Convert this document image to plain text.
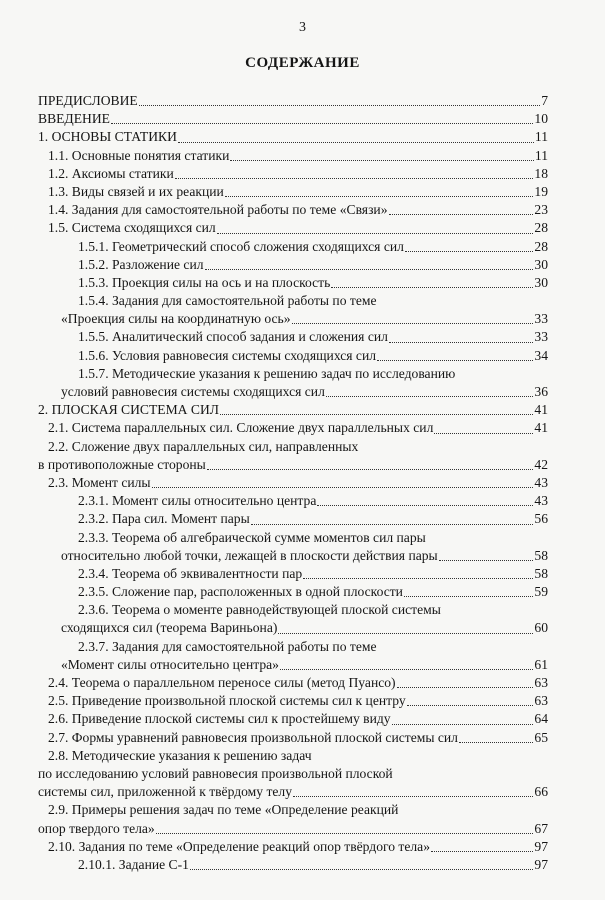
3
СОДЕРЖАНИЕ
ПРЕДИСЛОВИЕ	7
ВВЕДЕНИЕ	10
1. ОСНОВЫ СТАТИКИ	11
1.1. Основные понятия статики	11
1.2. Аксиомы статики	18
1.3. Виды связей и их реакции	19
1.4. Задания для самостоятельной работы по теме «Связи»	23
1.5. Система сходящихся сил	28
1.5.1. Геометрический способ сложения сходящихся сил	28
1.5.2. Разложение сил	30
1.5.3. Проекция силы на ось и на плоскость	30
1.5.4. Задания для самостоятельной работы по теме
«Проекция силы на координатную ось»	33
1.5.5. Аналитический способ задания и сложения сил	33
1.5.6. Условия равновесия системы сходящихся сил	34
1.5.7. Методические указания к решению задач по исследованию
условий равновесия системы сходящихся сил	36
2. ПЛОСКАЯ СИСТЕМА СИЛ	41
2.1. Система параллельных сил. Сложение двух параллельных сил	41
2.2. Сложение двух параллельных сил, направленных
в противоположные стороны	42
2.3. Момент силы	43
2.3.1. Момент силы относительно центра	43
2.3.2. Пара сил. Момент пары	56
2.3.3. Теорема об алгебраической сумме моментов сил пары
относительно любой точки, лежащей в плоскости действия пары	58
2.3.4. Теорема об эквивалентности пар	58
2.3.5. Сложение пар, расположенных в одной плоскости	59
2.3.6. Теорема о моменте равнодействующей плоской системы
сходящихся сил (теорема Вариньона)	60
2.3.7. Задания для самостоятельной работы по теме
«Момент силы относительно центра»	61
2.4. Теорема о параллельном переносе силы (метод Пуансо)	63
2.5. Приведение произвольной плоской системы сил к центру	63
2.6. Приведение плоской системы сил к простейшему виду	64
2.7. Формы уравнений равновесия произвольной плоской системы сил	65
2.8. Методические указания к решению задач
по исследованию условий равновесия произвольной плоской
системы сил, приложенной к твёрдому телу	66
2.9. Примеры решения задач по теме «Определение реакций
опор твердого тела»	67
2.10. Задания по теме «Определение реакций опор твёрдого тела»	97
2.10.1. Задание С-1	97
